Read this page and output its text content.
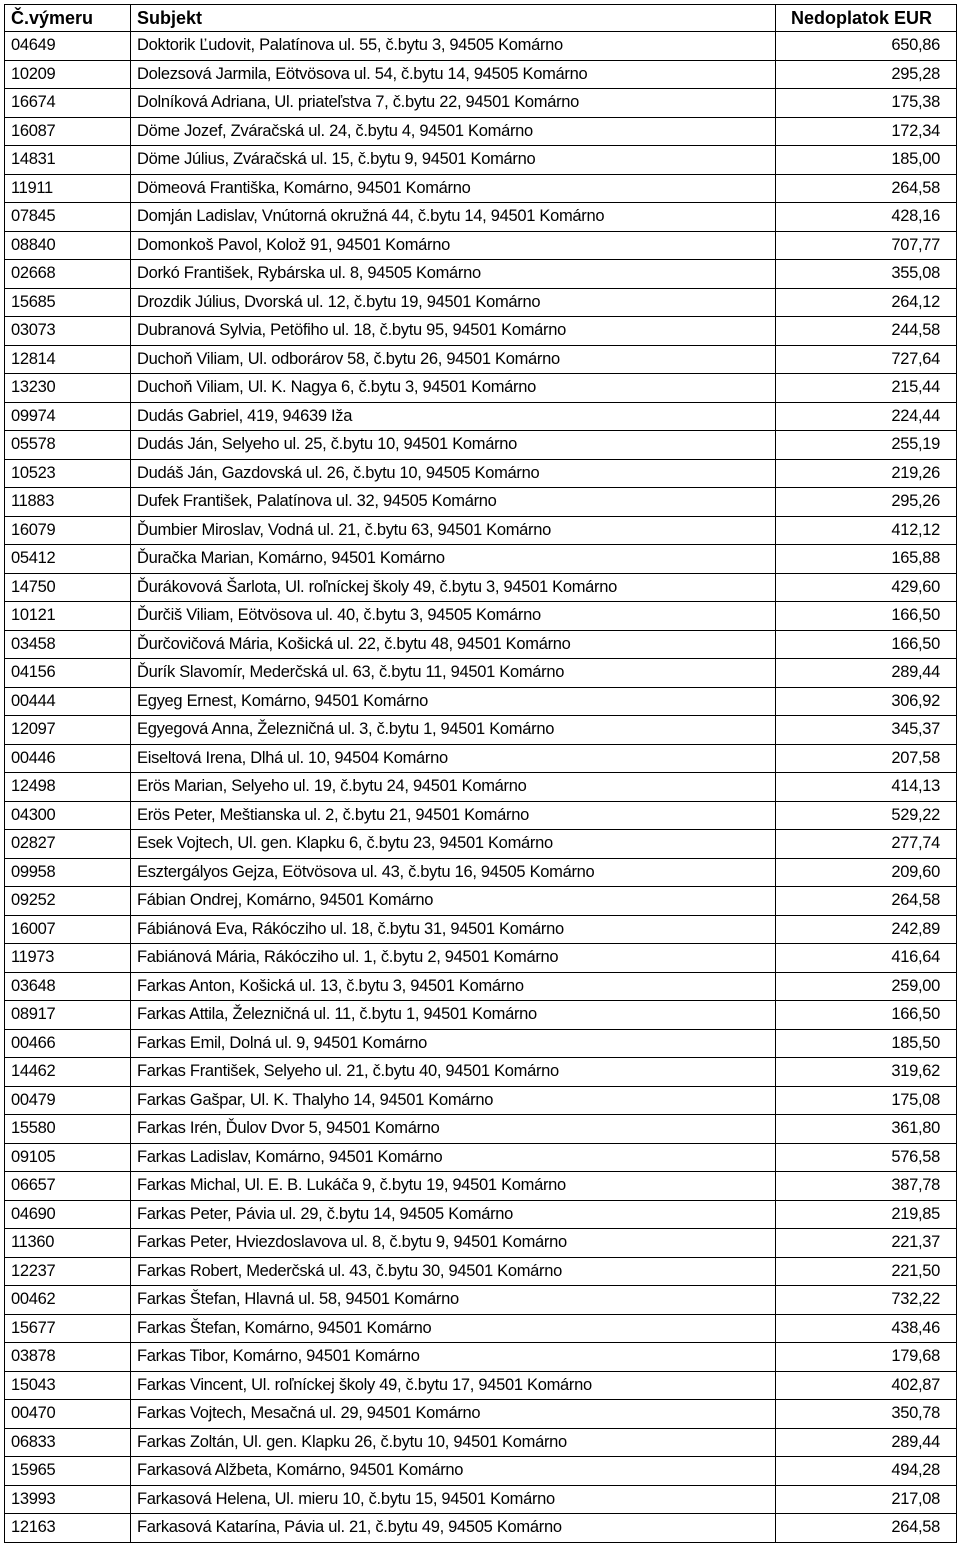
Č.výmeru	Subjekt	Nedoplatok EUR
04649	Doktorik Ľudovit, Palatínova ul. 55, č.bytu 3, 94505 Komárno	650,86
10209	Dolezsová Jarmila, Eötvösova ul. 54, č.bytu 14, 94505 Komárno	295,28
16674	Dolníková Adriana, Ul. priateľstva 7, č.bytu 22, 94501 Komárno	175,38
16087	Döme Jozef, Zváračská ul. 24, č.bytu 4, 94501 Komárno	172,34
14831	Döme Július, Zváračská ul. 15, č.bytu 9, 94501 Komárno	185,00
11911	Dömeová Františka, Komárno, 94501 Komárno	264,58
07845	Domján Ladislav, Vnútorná okružná 44, č.bytu 14, 94501 Komárno	428,16
08840	Domonkoš Pavol, Kolož 91, 94501 Komárno	707,77
02668	Dorkó František, Rybárska ul. 8, 94505 Komárno	355,08
15685	Drozdik Július, Dvorská ul. 12, č.bytu 19, 94501 Komárno	264,12
03073	Dubranová Sylvia, Petöfiho ul. 18, č.bytu 95, 94501 Komárno	244,58
12814	Duchoň Viliam, Ul. odborárov 58, č.bytu 26, 94501 Komárno	727,64
13230	Duchoň Viliam, Ul. K. Nagya 6, č.bytu 3, 94501 Komárno	215,44
09974	Dudás Gabriel, 419, 94639 Iža	224,44
05578	Dudás Ján, Selyeho ul. 25, č.bytu 10, 94501 Komárno	255,19
10523	Dudáš Ján, Gazdovská ul. 26, č.bytu 10, 94505 Komárno	219,26
11883	Dufek František, Palatínova ul. 32, 94505 Komárno	295,26
16079	Ďumbier Miroslav, Vodná ul. 21, č.bytu 63, 94501 Komárno	412,12
05412	Ďuračka Marian, Komárno, 94501 Komárno	165,88
14750	Ďurákovová Šarlota, Ul. roľníckej školy 49, č.bytu 3, 94501 Komárno	429,60
10121	Ďurčiš Viliam, Eötvösova ul. 40, č.bytu 3, 94505 Komárno	166,50
03458	Ďurčovičová Mária, Košická ul. 22, č.bytu 48, 94501 Komárno	166,50
04156	Ďurík Slavomír, Mederčská ul. 63, č.bytu 11, 94501 Komárno	289,44
00444	Egyeg Ernest, Komárno, 94501 Komárno	306,92
12097	Egyegová Anna, Železničná ul. 3, č.bytu 1, 94501 Komárno	345,37
00446	Eiseltová Irena, Dlhá ul. 10, 94504 Komárno	207,58
12498	Erös Marian, Selyeho ul. 19, č.bytu 24, 94501 Komárno	414,13
04300	Erös Peter, Meštianska ul. 2, č.bytu 21, 94501 Komárno	529,22
02827	Esek Vojtech, Ul. gen. Klapku 6, č.bytu 23, 94501 Komárno	277,74
09958	Esztergályos Gejza, Eötvösova ul. 43, č.bytu 16, 94505 Komárno	209,60
09252	Fábian Ondrej, Komárno, 94501 Komárno	264,58
16007	Fábiánová Eva, Rákócziho ul. 18, č.bytu 31, 94501 Komárno	242,89
11973	Fabiánová Mária, Rákócziho ul. 1, č.bytu 2, 94501 Komárno	416,64
03648	Farkas Anton, Košická ul. 13, č.bytu 3, 94501 Komárno	259,00
08917	Farkas Attila, Železničná ul. 11, č.bytu 1, 94501 Komárno	166,50
00466	Farkas Emil, Dolná ul. 9, 94501 Komárno	185,50
14462	Farkas František, Selyeho ul. 21, č.bytu 40, 94501 Komárno	319,62
00479	Farkas Gašpar, Ul. K. Thalyho 14, 94501 Komárno	175,08
15580	Farkas Irén, Ďulov Dvor 5, 94501 Komárno	361,80
09105	Farkas Ladislav, Komárno, 94501 Komárno	576,58
06657	Farkas Michal, Ul. E. B. Lukáča 9, č.bytu 19, 94501 Komárno	387,78
04690	Farkas Peter, Pávia ul. 29, č.bytu 14, 94505 Komárno	219,85
11360	Farkas Peter, Hviezdoslavova ul. 8, č.bytu 9, 94501 Komárno	221,37
12237	Farkas Robert, Mederčská ul. 43, č.bytu 30, 94501 Komárno	221,50
00462	Farkas Štefan, Hlavná ul. 58, 94501 Komárno	732,22
15677	Farkas Štefan, Komárno, 94501 Komárno	438,46
03878	Farkas Tibor, Komárno, 94501 Komárno	179,68
15043	Farkas Vincent, Ul. roľníckej školy 49, č.bytu 17, 94501 Komárno	402,87
00470	Farkas Vojtech, Mesačná ul. 29, 94501 Komárno	350,78
06833	Farkas Zoltán, Ul. gen. Klapku 26, č.bytu 10, 94501 Komárno	289,44
15965	Farkasová Alžbeta, Komárno, 94501 Komárno	494,28
13993	Farkasová Helena, Ul. mieru 10, č.bytu 15, 94501 Komárno	217,08
12163	Farkasová Katarína, Pávia ul. 21, č.bytu 49, 94505 Komárno	264,58
